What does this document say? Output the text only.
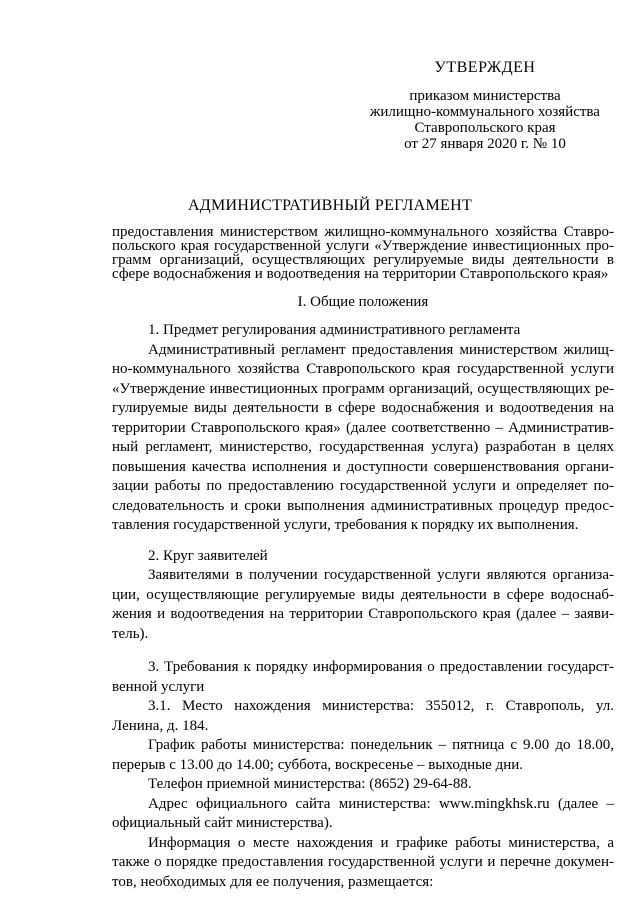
УТВЕРЖДЕН
приказом министерства
жилищно-коммунального хозяйства
Ставропольского края
от 27 января 2020 г. № 10
АДМИНИСТРАТИВНЫЙ РЕГЛАМЕНТ
предоставления министерством жилищно-коммунального хозяйства Ставропольского края государственной услуги «Утверждение инвестиционных программ организаций, осуществляющих регулируемые виды деятельности в сфере водоснабжения и водоотведения на территории Ставропольского края»
I. Общие положения

1. Предмет регулирования административного регламента

Административный регламент предоставления министерством жилищно-коммунального хозяйства Ставропольского края государственной услуги «Утверждение инвестиционных программ организаций, осуществляющих регулируемые виды деятельности в сфере водоснабжения и водоотведения на территории Ставропольского края» (далее соответственно – Административный регламент, министерство, государственная услуга) разработан в целях повышения качества исполнения и доступности совершенствования организации работы по предоставлению государственной услуги и определяет последовательность и сроки выполнения административных процедур предоставления государственной услуги, требования к порядку их выполнения.

2. Круг заявителей

Заявителями в получении государственной услуги являются организации, осуществляющие регулируемые виды деятельности в сфере водоснабжения и водоотведения на территории Ставропольского края (далее – заявитель).

3. Требования к порядку информирования о предоставлении государственной услуги

3.1. Место нахождения министерства: 355012, г. Ставрополь, ул. Ленина, д. 184.

График работы министерства: понедельник – пятница с 9.00 до 18.00, перерыв с 13.00 до 14.00; суббота, воскресенье – выходные дни.

Телефон приемной министерства: (8652) 29-64-88.

Адрес официального сайта министерства: www.mingkhsk.ru (далее – официальный сайт министерства).

Информация о месте нахождения и графике работы министерства, а также о порядке предоставления государственной услуги и перечне документов, необходимых для ее получения, размещается:
